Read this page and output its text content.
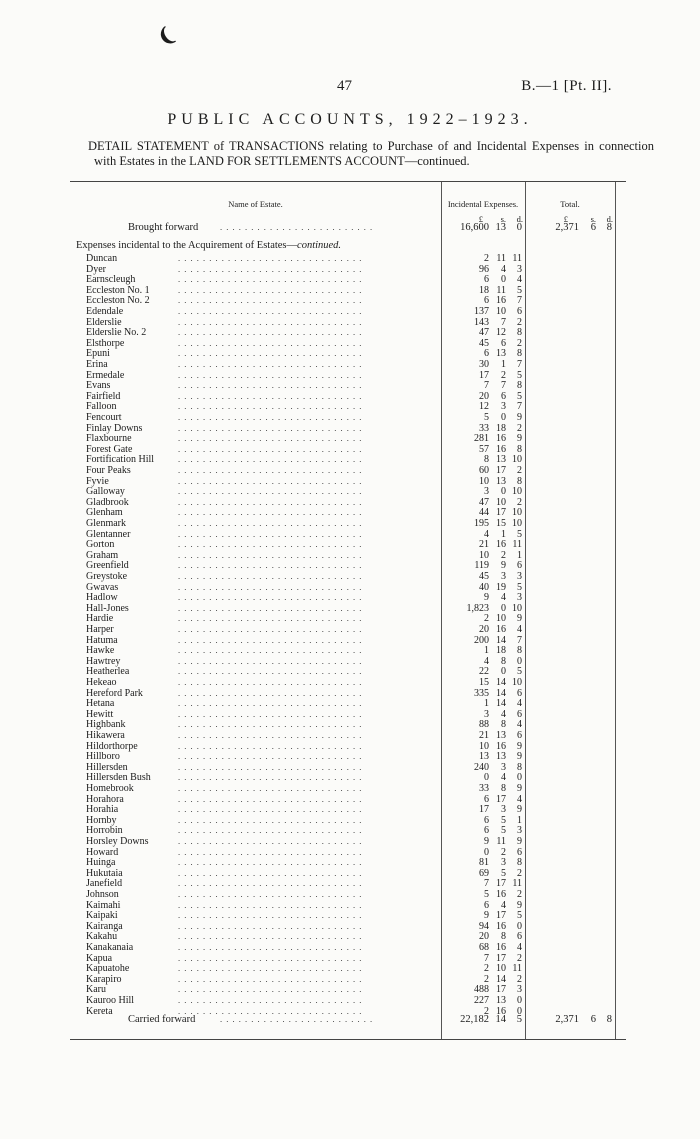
❨
47	B.—1 [Pt. II].
PUBLIC ACCOUNTS, 1922–1923.
DETAIL STATEMENT of TRANSACTIONS relating to Purchase of and Incidental Expenses in connection with Estates in the LAND FOR SETTLEMENTS ACCOUNT—continued.
Name of Estate.	Incidental Expenses.	Total.
£	s.	d.	£	s.	d.
Brought forward	. . . . . . . . . . . . . . . . . . . . . . . . .	16,600 13	0	2,371	6	8
Expenses incidental to the Acquirement of Estates—continued.
Duncan	. . . . . . . . . . . . . . . . . . . . . . . . . . . . . .	2 11 11
Dyer	. . . . . . . . . . . . . . . . . . . . . . . . . . . . . .	96	4	3
Earnscleugh	. . . . . . . . . . . . . . . . . . . . . . . . . . . . . .	6	0	4
Eccleston No. 1	. . . . . . . . . . . . . . . . . . . . . . . . . . . . . .	18 11	5
Eccleston No. 2	. . . . . . . . . . . . . . . . . . . . . . . . . . . . . .	6 16	7
Edendale	. . . . . . . . . . . . . . . . . . . . . . . . . . . . . .	137 10	6
Elderslie	. . . . . . . . . . . . . . . . . . . . . . . . . . . . . .	143	7	2
Elderslie No. 2	. . . . . . . . . . . . . . . . . . . . . . . . . . . . . .	47 12	8
Elsthorpe	. . . . . . . . . . . . . . . . . . . . . . . . . . . . . .	45	6	2
Epuni	. . . . . . . . . . . . . . . . . . . . . . . . . . . . . .	6 13	8
Erina	. . . . . . . . . . . . . . . . . . . . . . . . . . . . . .	30	1	7
Ermedale	. . . . . . . . . . . . . . . . . . . . . . . . . . . . . .	17	2	5
Evans	. . . . . . . . . . . . . . . . . . . . . . . . . . . . . .	7	7	8
Fairfield	. . . . . . . . . . . . . . . . . . . . . . . . . . . . . .	20	6	5
Falloon	. . . . . . . . . . . . . . . . . . . . . . . . . . . . . .	12	3	7
Fencourt	. . . . . . . . . . . . . . . . . . . . . . . . . . . . . .	5	0	9
Finlay Downs	. . . . . . . . . . . . . . . . . . . . . . . . . . . . . .	33 18	2
Flaxbourne	. . . . . . . . . . . . . . . . . . . . . . . . . . . . . .	281 16	9
Forest Gate	. . . . . . . . . . . . . . . . . . . . . . . . . . . . . .	57 16	8
Fortification Hill	. . . . . . . . . . . . . . . . . . . . . . . . . . . . . .	8 13 10
Four Peaks	. . . . . . . . . . . . . . . . . . . . . . . . . . . . . .	60 17	2
Fyvie	. . . . . . . . . . . . . . . . . . . . . . . . . . . . . .	10 13	8
Galloway	. . . . . . . . . . . . . . . . . . . . . . . . . . . . . .	3	0 10
Gladbrook	. . . . . . . . . . . . . . . . . . . . . . . . . . . . . .	47 10	2
Glenham	. . . . . . . . . . . . . . . . . . . . . . . . . . . . . .	44 17 10
Glenmark	. . . . . . . . . . . . . . . . . . . . . . . . . . . . . .	195 15 10
Glentanner	. . . . . . . . . . . . . . . . . . . . . . . . . . . . . .	4	1	5
Gorton	. . . . . . . . . . . . . . . . . . . . . . . . . . . . . .	21 16 11
Graham	. . . . . . . . . . . . . . . . . . . . . . . . . . . . . .	10	2	1
Greenfield	. . . . . . . . . . . . . . . . . . . . . . . . . . . . . .	119	9	6
Greystoke	. . . . . . . . . . . . . . . . . . . . . . . . . . . . . .	45	3	3
Gwavas	. . . . . . . . . . . . . . . . . . . . . . . . . . . . . .	40 19	5
Hadlow	. . . . . . . . . . . . . . . . . . . . . . . . . . . . . .	9	4	3
Hall-Jones	. . . . . . . . . . . . . . . . . . . . . . . . . . . . . .	1,823	0 10
Hardie	. . . . . . . . . . . . . . . . . . . . . . . . . . . . . .	2 10	9
Harper	. . . . . . . . . . . . . . . . . . . . . . . . . . . . . .	20 16	4
Hatuma	. . . . . . . . . . . . . . . . . . . . . . . . . . . . . .	200 14	7
Hawke	. . . . . . . . . . . . . . . . . . . . . . . . . . . . . .	1 18	8
Hawtrey	. . . . . . . . . . . . . . . . . . . . . . . . . . . . . .	4	8	0
Heatherlea	. . . . . . . . . . . . . . . . . . . . . . . . . . . . . .	22	0	5
Hekeao	. . . . . . . . . . . . . . . . . . . . . . . . . . . . . .	15 14 10
Hereford Park	. . . . . . . . . . . . . . . . . . . . . . . . . . . . . .	335 14	6
Hetana	. . . . . . . . . . . . . . . . . . . . . . . . . . . . . .	1 14	4
Hewitt	. . . . . . . . . . . . . . . . . . . . . . . . . . . . . .	3	4	6
Highbank	. . . . . . . . . . . . . . . . . . . . . . . . . . . . . .	88	8	4
Hikawera	. . . . . . . . . . . . . . . . . . . . . . . . . . . . . .	21 13	6
Hildorthorpe	. . . . . . . . . . . . . . . . . . . . . . . . . . . . . .	10 16	9
Hillboro	. . . . . . . . . . . . . . . . . . . . . . . . . . . . . .	13 13	9
Hillersden	. . . . . . . . . . . . . . . . . . . . . . . . . . . . . .	240	3	8
Hillersden Bush	. . . . . . . . . . . . . . . . . . . . . . . . . . . . . .	0	4	0
Homebrook	. . . . . . . . . . . . . . . . . . . . . . . . . . . . . .	33	8	9
Horahora	. . . . . . . . . . . . . . . . . . . . . . . . . . . . . .	6 17	4
Horahia	. . . . . . . . . . . . . . . . . . . . . . . . . . . . . .	17	3	9
Hornby	. . . . . . . . . . . . . . . . . . . . . . . . . . . . . .	6	5	1
Horrobin	. . . . . . . . . . . . . . . . . . . . . . . . . . . . . .	6	5	3
Horsley Downs	. . . . . . . . . . . . . . . . . . . . . . . . . . . . . .	9 11	9
Howard	. . . . . . . . . . . . . . . . . . . . . . . . . . . . . .	0	2	6
Huinga	. . . . . . . . . . . . . . . . . . . . . . . . . . . . . .	81	3	8
Hukutaia	. . . . . . . . . . . . . . . . . . . . . . . . . . . . . .	69	5	2
Janefield	. . . . . . . . . . . . . . . . . . . . . . . . . . . . . .	7 17 11
Johnson	. . . . . . . . . . . . . . . . . . . . . . . . . . . . . .	5 16	2
Kaimahi	. . . . . . . . . . . . . . . . . . . . . . . . . . . . . .	6	4	9
Kaipaki	. . . . . . . . . . . . . . . . . . . . . . . . . . . . . .	9 17	5
Kairanga	. . . . . . . . . . . . . . . . . . . . . . . . . . . . . .	94 16	0
Kakahu	. . . . . . . . . . . . . . . . . . . . . . . . . . . . . .	20	8	6
Kanakanaia	. . . . . . . . . . . . . . . . . . . . . . . . . . . . . .	68 16	4
Kapua	. . . . . . . . . . . . . . . . . . . . . . . . . . . . . .	7 17	2
Kapuatohe	. . . . . . . . . . . . . . . . . . . . . . . . . . . . . .	2 10 11
Karapiro	. . . . . . . . . . . . . . . . . . . . . . . . . . . . . .	2 14	2
Karu	. . . . . . . . . . . . . . . . . . . . . . . . . . . . . .	488 17	3
Kauroo Hill	. . . . . . . . . . . . . . . . . . . . . . . . . . . . . .	227 13	0
Kereta	. . . . . . . . . . . . . . . . . . . . . . . . . . . . . .	2 16	0
Carried forward	. . . . . . . . . . . . . . . . . . . . . . . . .	22,182 14	5	2,371	6	8
